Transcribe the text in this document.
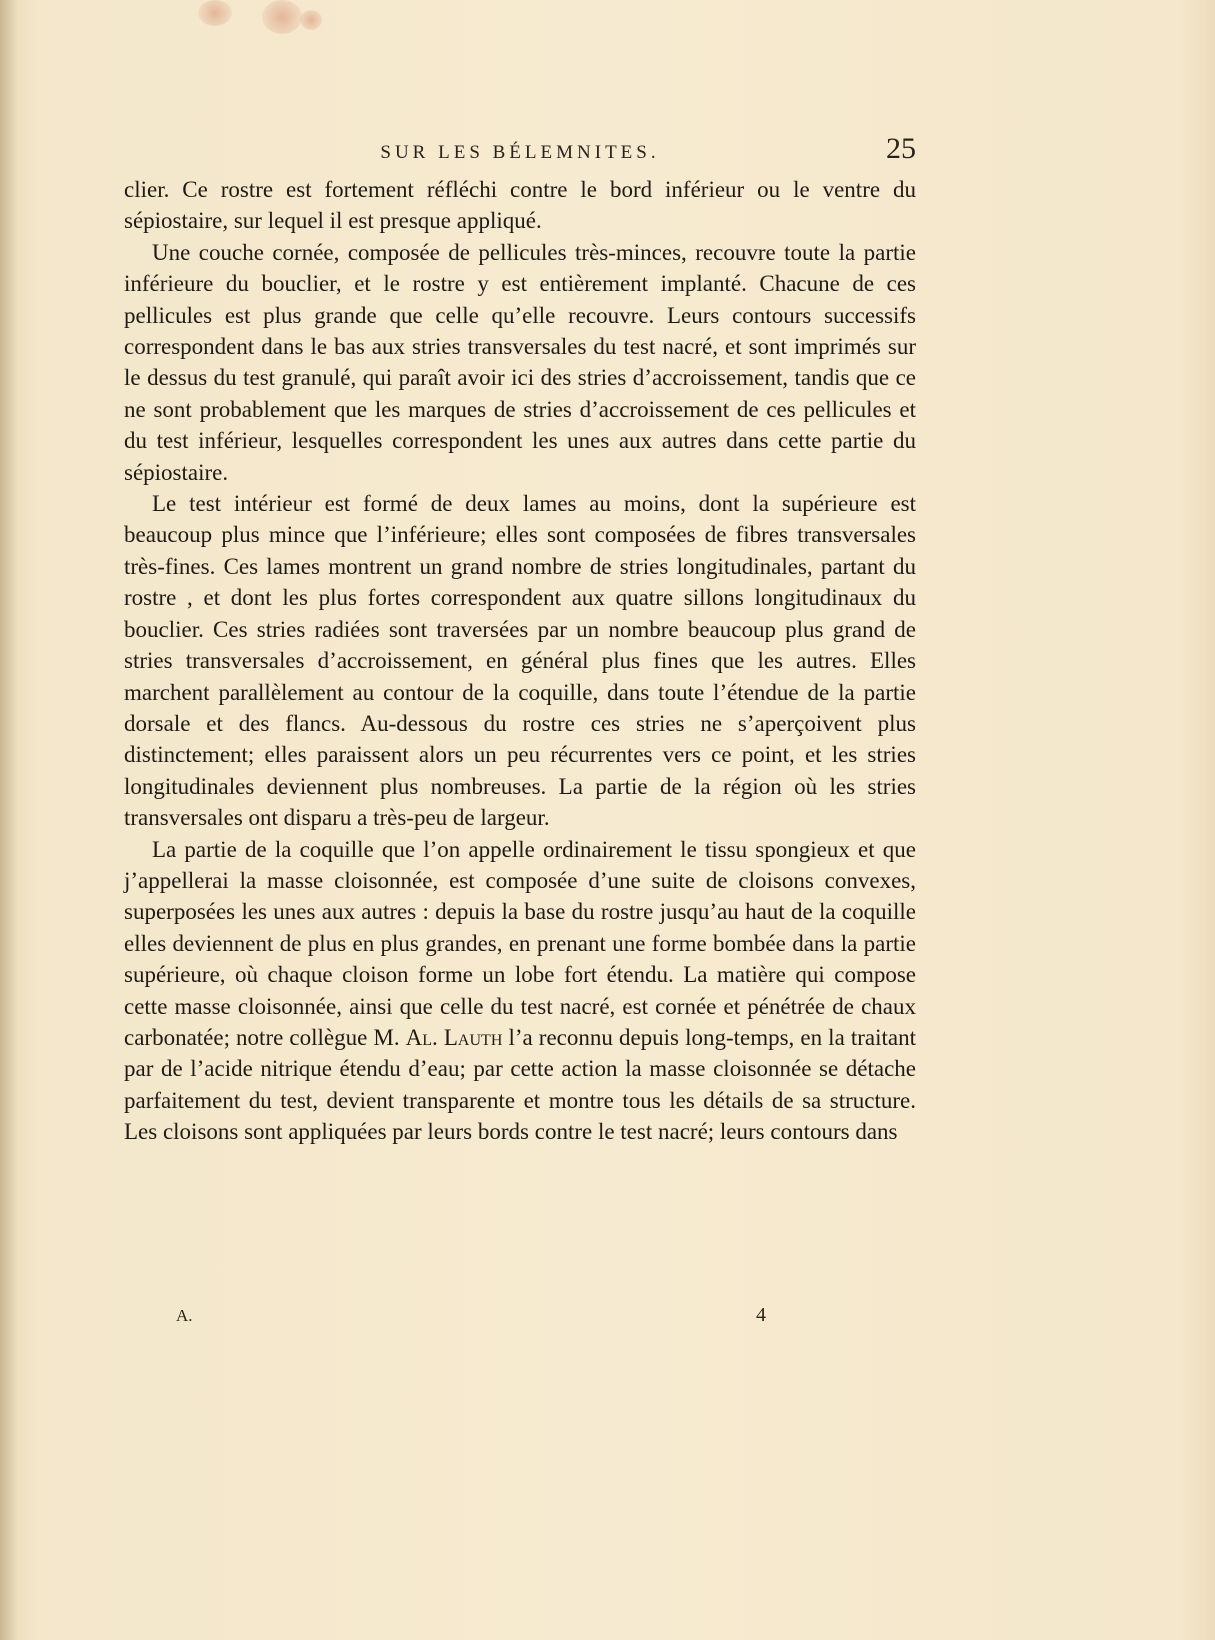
SUR LES BÉLEMNITES.	25

clier. Ce rostre est fortement réfléchi contre le bord inférieur ou le ventre du sépiostaire, sur lequel il est presque appliqué.

Une couche cornée, composée de pellicules très-minces, recouvre toute la partie inférieure du bouclier, et le rostre y est entièrement implanté. Chacune de ces pellicules est plus grande que celle qu’elle recouvre. Leurs contours successifs correspondent dans le bas aux stries transversales du test nacré, et sont imprimés sur le dessus du test granulé, qui paraît avoir ici des stries d’accroissement, tandis que ce ne sont probablement que les marques de stries d’accroissement de ces pellicules et du test inférieur, lesquelles correspondent les unes aux autres dans cette partie du sépiostaire.

Le test intérieur est formé de deux lames au moins, dont la supérieure est beaucoup plus mince que l’inférieure; elles sont composées de fibres transversales très-fines. Ces lames montrent un grand nombre de stries longitudinales, partant du rostre , et dont les plus fortes correspondent aux quatre sillons longitudinaux du bouclier. Ces stries radiées sont traversées par un nombre beaucoup plus grand de stries transversales d’accroissement, en général plus fines que les autres. Elles marchent parallèlement au contour de la coquille, dans toute l’étendue de la partie dorsale et des flancs. Au-dessous du rostre ces stries ne s’aperçoivent plus distinctement; elles paraissent alors un peu récurrentes vers ce point, et les stries longitudinales deviennent plus nombreuses. La partie de la région où les stries transversales ont disparu a très-peu de largeur.

La partie de la coquille que l’on appelle ordinairement le tissu spongieux et que j’appellerai la masse cloisonnée, est composée d’une suite de cloisons convexes, superposées les unes aux autres : depuis la base du rostre jusqu’au haut de la coquille elles deviennent de plus en plus grandes, en prenant une forme bombée dans la partie supérieure, où chaque cloison forme un lobe fort étendu. La matière qui compose cette masse cloisonnée, ainsi que celle du test nacré, est cornée et pénétrée de chaux carbonatée; notre collègue M. Al. Lauth l’a reconnu depuis long-temps, en la traitant par de l’acide nitrique étendu d’eau; par cette action la masse cloisonnée se détache parfaitement du test, devient transparente et montre tous les détails de sa structure. Les cloisons sont appliquées par leurs bords contre le test nacré; leurs contours dans

A.	4
